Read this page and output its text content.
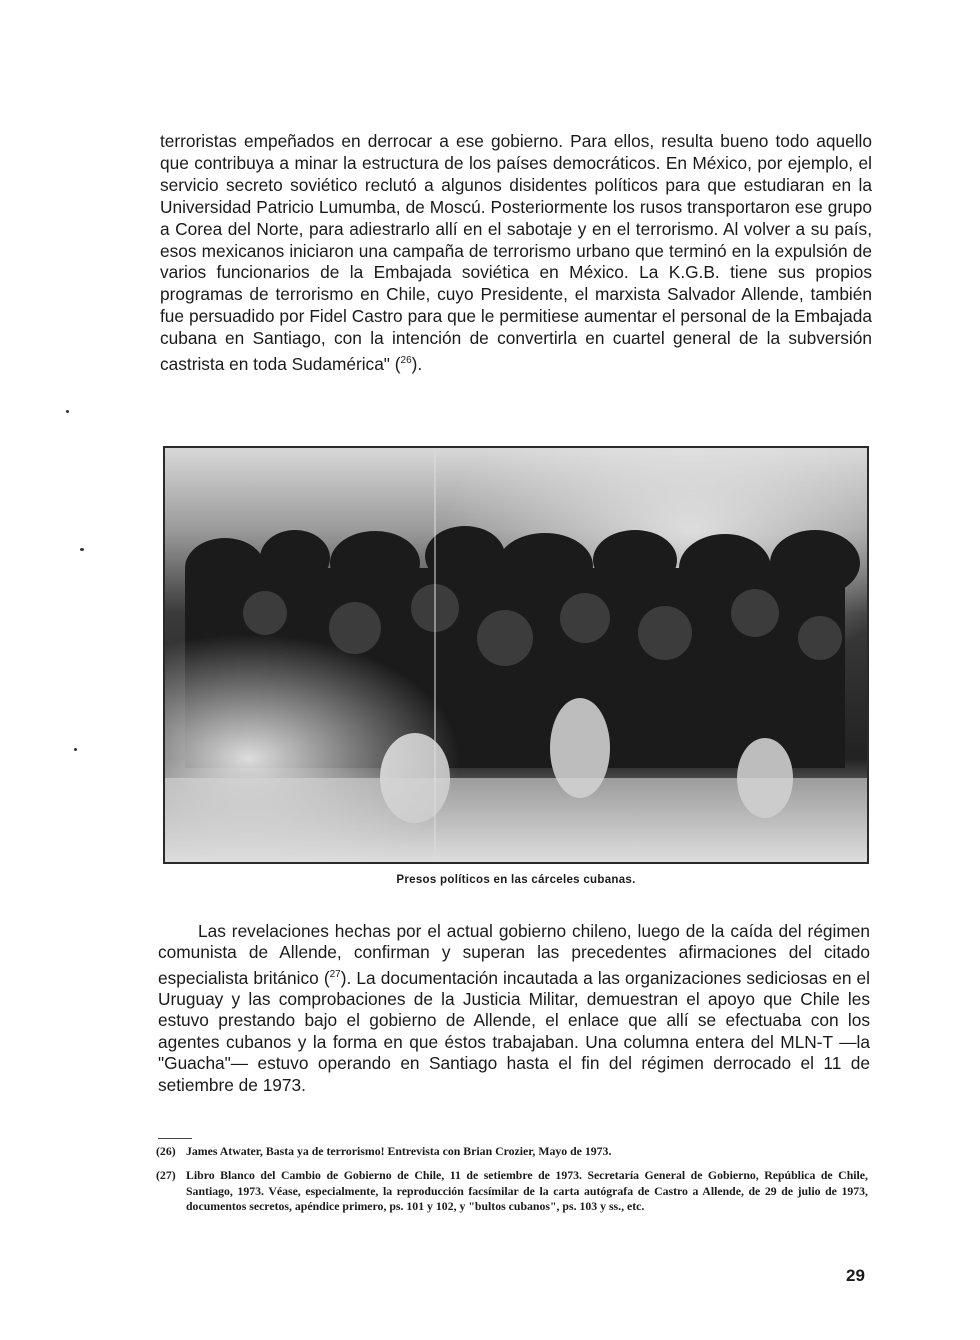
terroristas empeñados en derrocar a ese gobierno. Para ellos, resulta bueno todo aquello que contribuya a minar la estructura de los países democráticos. En México, por ejemplo, el servicio secreto soviético reclutó a algunos disidentes políticos para que estudiaran en la Universidad Patricio Lumumba, de Moscú. Posteriormente los rusos transportaron ese grupo a Corea del Norte, para adiestrarlo allí en el sabotaje y en el terrorismo. Al volver a su país, esos mexicanos iniciaron una campaña de terrorismo urbano que terminó en la expulsión de varios funcionarios de la Embajada soviética en México. La K.G.B. tiene sus propios programas de terrorismo en Chile, cuyo Presidente, el marxista Salvador Allende, también fue persuadido por Fidel Castro para que le permitiese aumentar el personal de la Embajada cubana en Santiago, con la intención de convertirla en cuartel general de la subversión castrista en toda Sudamérica" ($^{26}$).

Presos políticos en las cárceles cubanas.

Las revelaciones hechas por el actual gobierno chileno, luego de la caída del régimen comunista de Allende, confirman y superan las precedentes afirmaciones del citado especialista británico ($^{27}$). La documentación incautada a las organizaciones sediciosas en el Uruguay y las comprobaciones de la Justicia Militar, demuestran el apoyo que Chile les estuvo prestando bajo el gobierno de Allende, el enlace que allí se efectuaba con los agentes cubanos y la forma en que éstos trabajaban. Una columna entera del MLN-T —la "Guacha"— estuvo operando en Santiago hasta el fin del régimen derrocado el 11 de setiembre de 1973.

(26) James Atwater, Basta ya de terrorismo! Entrevista con Brian Crozier, Mayo de 1973.
(27) Libro Blanco del Cambio de Gobierno de Chile, 11 de setiembre de 1973. Secretaría General de Gobierno, República de Chile, Santiago, 1973. Véase, especialmente, la reproducción facsímilar de la carta autógrafa de Castro a Allende, de 29 de julio de 1973, documentos secretos, apéndice primero, ps. 101 y 102, y "bultos cubanos", ps. 103 y ss., etc.
29
